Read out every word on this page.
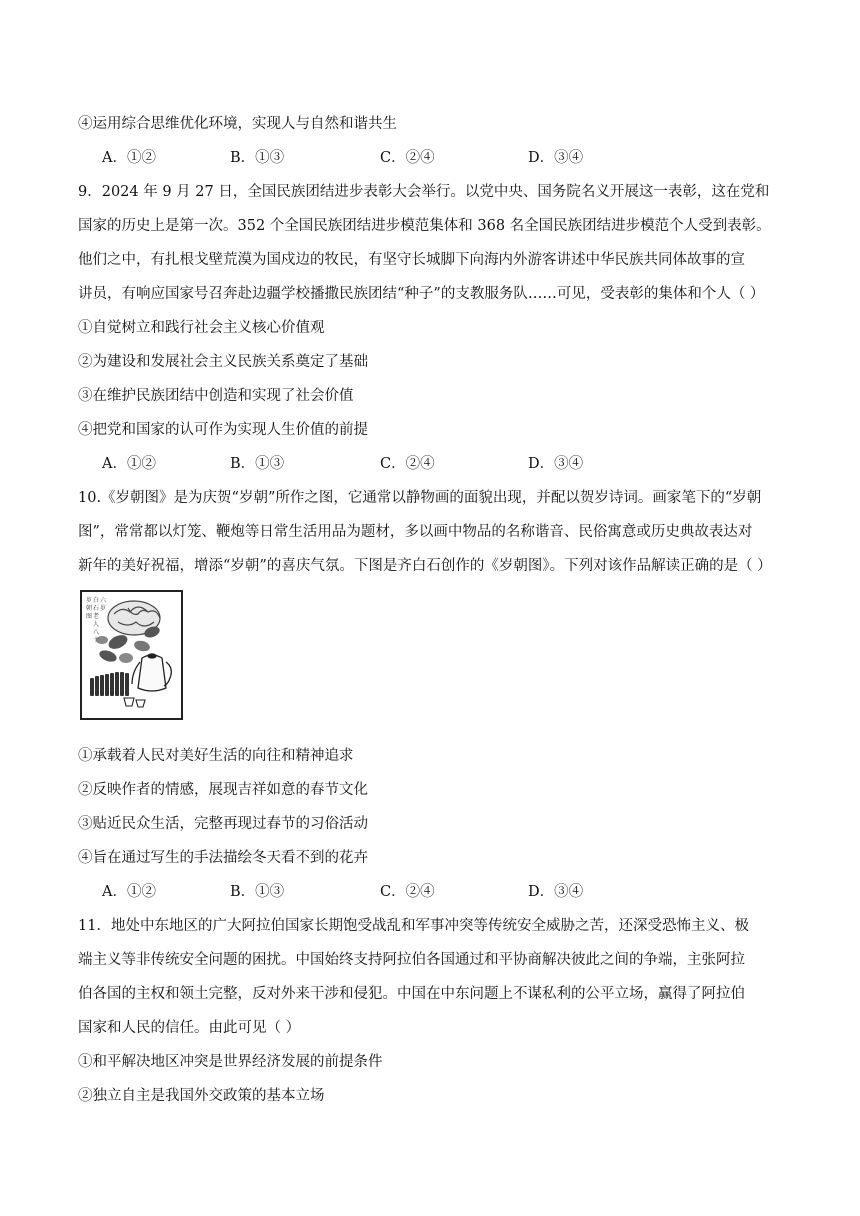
④运用综合思维优化环境，实现人与自然和谐共生
A．①②	B．①③	C．②④	D．③④
9．2024 年 9 月 27 日，全国民族团结进步表彰大会举行。以党中央、国务院名义开展这一表彰，这在党和
国家的历史上是第一次。352 个全国民族团结进步模范集体和 368 名全国民族团结进步模范个人受到表彰。
他们之中，有扎根戈壁荒漠为国戍边的牧民，有坚守长城脚下向海内外游客讲述中华民族共同体故事的宣
讲员，有响应国家号召奔赴边疆学校播撒民族团结“种子”的支教服务队……可见，受表彰的集体和个人（ ）
①自觉树立和践行社会主义核心价值观
②为建设和发展社会主义民族关系奠定了基础
③在维护民族团结中创造和实现了社会价值
④把党和国家的认可作为实现人生价值的前提
A．①②	B．①③	C．②④	D．③④
10.《岁朝图》是为庆贺“岁朝”所作之图，它通常以静物画的面貌出现，并配以贺岁诗词。画家笔下的“岁朝
图”，常常都以灯笼、鞭炮等日常生活用品为题材，多以画中物品的名称谐音、民俗寓意或历史典故表达对
新年的美好祝福，增添“岁朝”的喜庆气氛。下图是齐白石创作的《岁朝图》。下列对该作品解读正确的是（ ）
岁
朝
图
白
石
老
人
八
十
六
岁
①承载着人民对美好生活的向往和精神追求
②反映作者的情感，展现吉祥如意的春节文化
③贴近民众生活，完整再现过春节的习俗活动
④旨在通过写生的手法描绘冬天看不到的花卉
A．①②	B．①③	C．②④	D．③④
11．地处中东地区的广大阿拉伯国家长期饱受战乱和军事冲突等传统安全威胁之苦，还深受恐怖主义、极
端主义等非传统安全问题的困扰。中国始终支持阿拉伯各国通过和平协商解决彼此之间的争端，主张阿拉
伯各国的主权和领土完整，反对外来干涉和侵犯。中国在中东问题上不谋私利的公平立场，赢得了阿拉伯
国家和人民的信任。由此可见（ ）
①和平解决地区冲突是世界经济发展的前提条件
②独立自主是我国外交政策的基本立场
